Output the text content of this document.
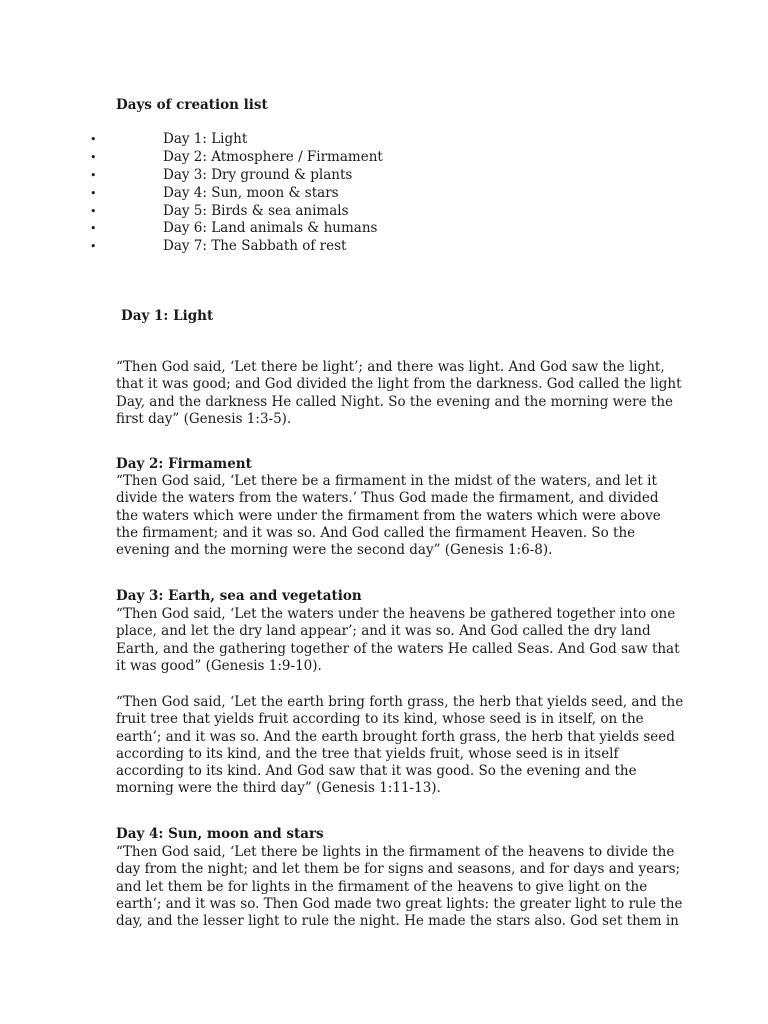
Days of creation list
•	Day 1: Light
•	Day 2: Atmosphere / Firmament
•	Day 3: Dry ground & plants
•	Day 4: Sun, moon & stars
•	Day 5: Birds & sea animals
•	Day 6: Land animals & humans
•	Day 7: The Sabbath of rest
Day 1: Light

“Then God said, ‘Let there be light’; and there was light. And God saw the light,
that it was good; and God divided the light from the darkness. God called the light
Day, and the darkness He called Night. So the evening and the morning were the
first day” (Genesis 1:3-5).

Day 2: Firmament

“Then God said, ‘Let there be a firmament in the midst of the waters, and let it
divide the waters from the waters.’ Thus God made the firmament, and divided
the waters which were under the firmament from the waters which were above
the firmament; and it was so. And God called the firmament Heaven. So the
evening and the morning were the second day” (Genesis 1:6-8).

Day 3: Earth, sea and vegetation

“Then God said, ‘Let the waters under the heavens be gathered together into one
place, and let the dry land appear’; and it was so. And God called the dry land
Earth, and the gathering together of the waters He called Seas. And God saw that
it was good” (Genesis 1:9-10).

“Then God said, ‘Let the earth bring forth grass, the herb that yields seed, and the
fruit tree that yields fruit according to its kind, whose seed is in itself, on the
earth’; and it was so. And the earth brought forth grass, the herb that yields seed
according to its kind, and the tree that yields fruit, whose seed is in itself
according to its kind. And God saw that it was good. So the evening and the
morning were the third day” (Genesis 1:11-13).

Day 4: Sun, moon and stars

“Then God said, ‘Let there be lights in the firmament of the heavens to divide the
day from the night; and let them be for signs and seasons, and for days and years;
and let them be for lights in the firmament of the heavens to give light on the
earth’; and it was so. Then God made two great lights: the greater light to rule the
day, and the lesser light to rule the night. He made the stars also. God set them in
